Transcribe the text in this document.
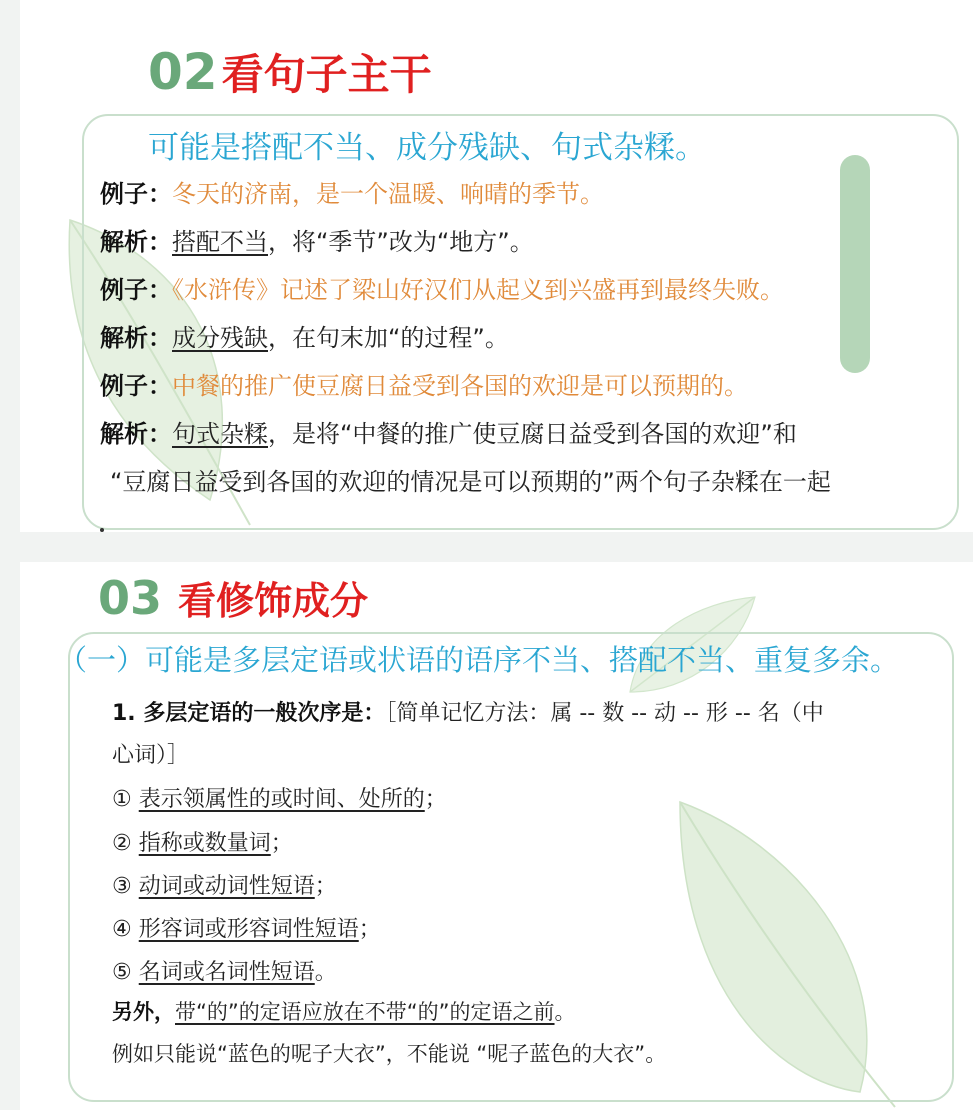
02 看句子主干
可能是搭配不当、成分残缺、句式杂糅。
例子：冬天的济南，是一个温暖、响晴的季节。
解析：搭配不当，将“季节”改为“地方”。
例子：《水浒传》记述了梁山好汉们从起义到兴盛再到最终失败。
解析：成分残缺，在句末加“的过程”。
例子：中餐的推广使豆腐日益受到各国的欢迎是可以预期的。
解析：句式杂糅，是将“中餐的推广使豆腐日益受到各国的欢迎”和
“豆腐日益受到各国的欢迎的情况是可以预期的”两个句子杂糅在一起
03 看修饰成分
（一）可能是多层定语或状语的语序不当、搭配不当、重复多余。
1. 多层定语的一般次序是：［简单记忆方法：属 -- 数 -- 动 -- 形 -- 名（中
心词）］
① 表示领属性的或时间、处所的；
② 指称或数量词；
③ 动词或动词性短语；
④ 形容词或形容词性短语；
⑤ 名词或名词性短语。
另外，带“的”的定语应放在不带“的”的定语之前。
例如只能说“蓝色的呢子大衣”，不能说 “呢子蓝色的大衣”。
